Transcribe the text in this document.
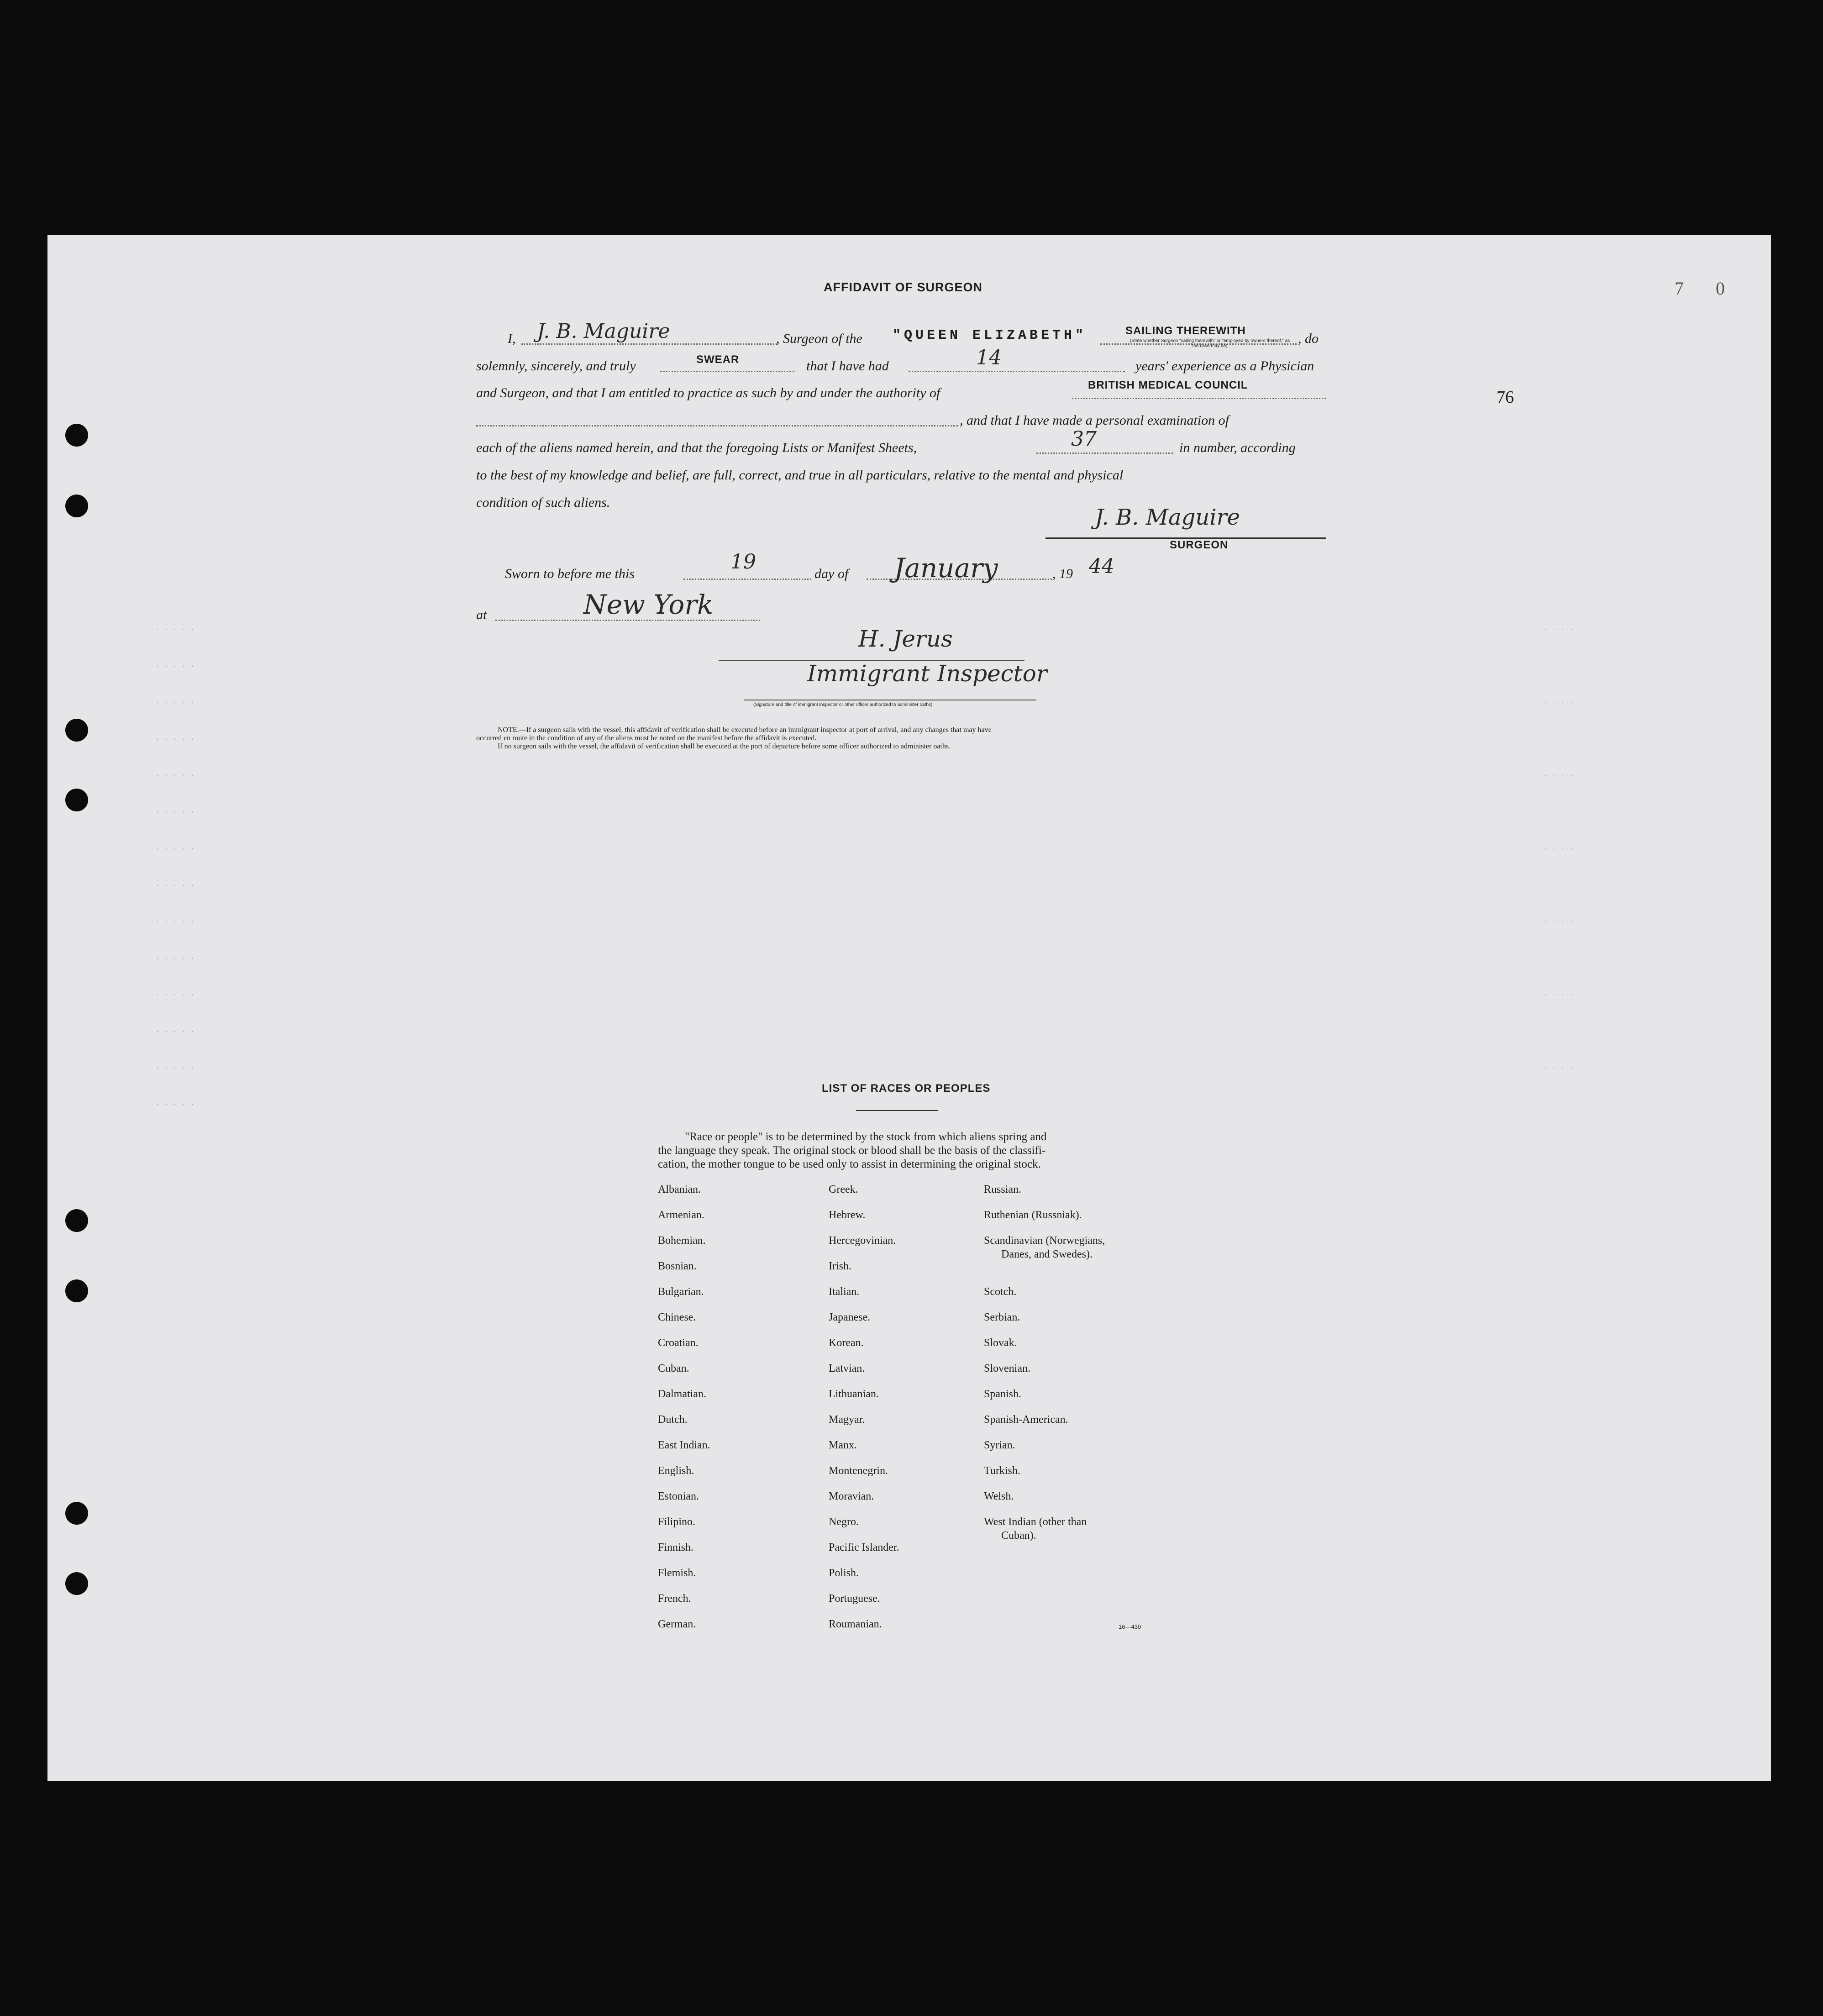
· · · · ·
· · · · ·
· · · · ·
· · · · ·
· · · · ·
· · · · ·
· · · · ·
· · · · ·
· · · · ·
· · · · ·
· · · · ·
· · · · ·
· · · · ·
· · · · ·
· · · ·
· · · ·
· · · ·
· · · ·
· · · ·
· · · ·
· · · ·
76
7 0
AFFIDAVIT OF SURGEON
I, J. B. Maguire	, Surgeon of the "QUEEN ELIZABETH"	SAILING THEREWITH
(State whether Surgeon "sailing therewith" or "employed by owners thereof," as the case may be)	, do
solemnly, sincerely, and truly	SWEAR	that I have had	14	years' experience as a Physician
and Surgeon, and that I am entitled to practice as such by and under the authority of
BRITISH MEDICAL COUNCIL
, and that I have made a personal examination of
each of the aliens named herein, and that the foregoing Lists or Manifest Sheets,	37	in number, according
to the best of my knowledge and belief, are full, correct, and true in all particulars, relative to the mental and physical
condition of such aliens.
J. B. Maguire
SURGEON
Sworn to before me this
19
day of January	, 19 44
at	New York
H. Jerus
Immigrant Inspector
(Signature and title of immigrant inspector or other officer authorized to administer oaths)
NOTE.—If a surgeon sails with the vessel, this affidavit of verification shall be executed before an immigrant inspector at port of arrival, and any changes that may have
occurred en route in the condition of any of the aliens must be noted on the manifest before the affidavit is executed.
If no surgeon sails with the vessel, the affidavit of verification shall be executed at the port of departure before some officer authorized to administer oaths.
LIST OF RACES OR PEOPLES
"Race or people" is to be determined by the stock from which aliens spring and
the language they speak. The original stock or blood shall be the basis of the classifi-
cation, the mother tongue to be used only to assist in determining the original stock.
Albanian.
Armenian.
Bohemian.
Bosnian.
Bulgarian.
Chinese.
Croatian.
Cuban.
Dalmatian.
Dutch.
East Indian.
English.
Estonian.
Filipino.
Finnish.
Flemish.
French.
German.
Greek.
Hebrew.
Hercegovinian.
Irish.
Italian.
Japanese.
Korean.
Latvian.
Lithuanian.
Magyar.
Manx.
Montenegrin.
Moravian.
Negro.
Pacific Islander.
Polish.
Portuguese.
Roumanian.
Russian.
Ruthenian (Russniak).
Scandinavian (Norwegians,
Danes, and Swedes).
Scotch.
Serbian.
Slovak.
Slovenian.
Spanish.
Spanish-American.
Syrian.
Turkish.
Welsh.
West Indian (other than
Cuban).
16—430
